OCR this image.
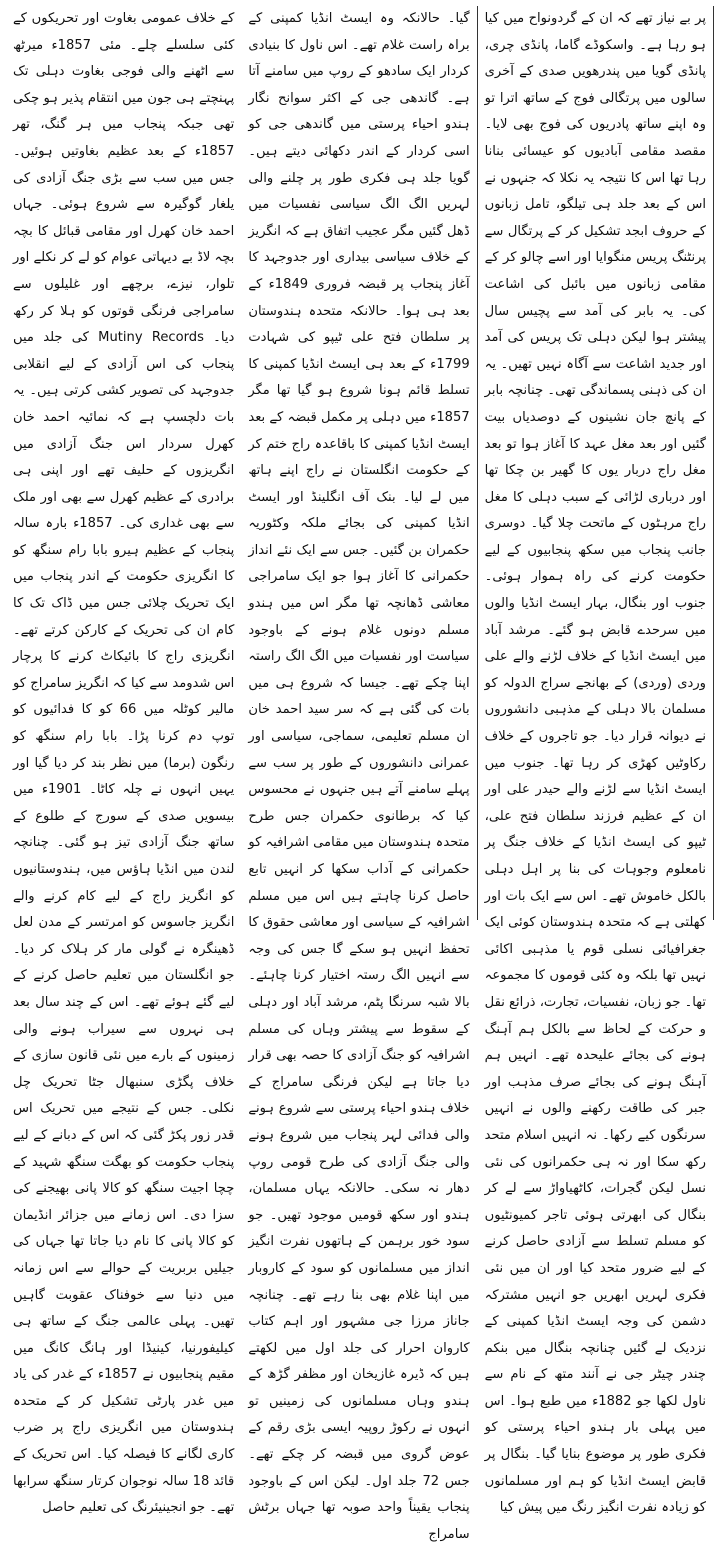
کے خلاف عمومی بغاوت اور تحریکوں کے کئی سلسلے چلے۔ مئی 1857ء میرٹھ سے اٹھنے والی فوجی بغاوت دہلی تک پہنچتے ہی جون میں انتقام پذیر ہو چکی تھی جبکہ پنجاب میں ہر گنگ، تھر 1857ء کے بعد عظیم بغاوتیں ہوئیں۔ جس میں سب سے بڑی جنگ آزادی کی یلغار گوگیرہ سے شروع ہوئی۔ جہاں احمد خان کھرل اور مقامی قبائل کا بچہ بچہ لاڈ بے دیہاتی عوام کو لے کر نکلے اور تلوار، نیزے، برچھے اور غلیلوں سے سامراجی فرنگی قوتوں کو ہلا کر رکھ دیا۔ Mutiny Records کی جلد میں پنجاب کی اس آزادی کے لیے انقلابی جدوجہد کی تصویر کشی کرتی ہیں۔ یہ بات دلچسپ ہے کہ نمائیہ احمد خان کھرل سردار اس جنگ آزادی میں انگریزوں کے حلیف تھے اور اپنی ہی برادری کے عظیم کھرل سے بھی اور ملک سے بھی غداری کی۔ 1857ء بارہ سالہ پنجاب کے عظیم ہیرو بابا رام سنگھ کو کا انگریزی حکومت کے اندر پنجاب میں ایک تحریک چلائی جس میں ڈاک تک کا کام ان کی تحریک کے کارکن کرتے تھے۔ انگریزی راج کا بائیکاٹ کرنے کا پرچار اس شدومد سے کیا کہ انگریز سامراج کو مالیر کوٹلہ میں 66 کو کا فدائیوں کو توپ دم کرنا پڑا۔ بابا رام سنگھ کو رنگون (برما) میں نظر بند کر دیا گیا اور یہیں انہوں نے چلہ کاٹا۔ 1901ء میں بیسویں صدی کے سورج کے طلوع کے ساتھ جنگ آزادی تیز ہو گئی۔ چنانچہ لندن میں انڈیا ہاؤس میں، ہندوستانیوں کو انگریز راج کے لیے کام کرنے والے انگریز جاسوس کو امرتسر کے مدن لعل ڈھینگرہ نے گولی مار کر ہلاک کر دیا۔ جو انگلستان میں تعلیم حاصل کرنے کے لیے گئے ہوئے تھے۔ اس کے چند سال بعد ہی نہروں سے سیراب ہونے والی زمینوں کے بارے میں نئی قانون سازی کے خلاف پگڑی سنبھال جٹا تحریک چل نکلی۔ جس کے نتیجے میں تحریک اس قدر زور پکڑ گئی کہ اس کے دبانے کے لیے پنجاب حکومت کو بھگت سنگھ شہید کے چچا اجیت سنگھ کو کالا پانی بھیجنے کی سزا دی۔ اس زمانے میں جزائر انڈیمان کو کالا پانی کا نام دیا جاتا تھا جہاں کی جیلیں بربریت کے حوالے سے اس زمانہ میں دنیا سے خوفناک عقوبت گاہیں تھیں۔ پہلی عالمی جنگ کے ساتھ ہی کیلیفورنیا، کینیڈا اور ہانگ کانگ میں مقیم پنجابیوں نے 1857ء کے غدر کی یاد میں غدر پارٹی تشکیل کر کے متحدہ ہندوستان میں انگریزی راج پر ضرب کاری لگانے کا فیصلہ کیا۔ اس تحریک کے قائد 18 سالہ نوجوان کرتار سنگھ سرابھا تھے۔ جو انجینیئرنگ کی تعلیم حاصل

گیا۔ حالانکہ وہ ایسٹ انڈیا کمپنی کے براہ راست غلام تھے۔ اس ناول کا بنیادی کردار ایک سادھو کے روپ میں سامنے آتا ہے۔ گاندھی جی کے اکثر سوانح نگار ہندو احیاء پرستی میں گاندھی جی کو اسی کردار کے اندر دکھائی دیتے ہیں۔ گویا جلد ہی فکری طور پر چلنے والی لہریں الگ الگ سیاسی نفسیات میں ڈھل گئیں مگر عجیب اتفاق ہے کہ انگریز کے خلاف سیاسی بیداری اور جدوجہد کا آغاز پنجاب پر قبضہ فروری 1849ء کے بعد ہی ہوا۔ حالانکہ متحدہ ہندوستان پر سلطان فتح علی ٹیپو کی شہادت 1799ء کے بعد ہی ایسٹ انڈیا کمپنی کا تسلط قائم ہونا شروع ہو گیا تھا مگر 1857ء میں دہلی پر مکمل قبضہ کے بعد ایسٹ انڈیا کمپنی کا باقاعدہ راج ختم کر کے حکومت انگلستان نے راج اپنے ہاتھ میں لے لیا۔ بنک آف انگلینڈ اور ایسٹ انڈیا کمپنی کی بجائے ملکہ وکٹوریہ حکمران بن گئیں۔ جس سے ایک نئے انداز حکمرانی کا آغاز ہوا جو ایک سامراجی معاشی ڈھانچہ تھا مگر اس میں ہندو مسلم دونوں غلام ہونے کے باوجود سیاست اور نفسیات میں الگ الگ راستہ اپنا چکے تھے۔ جیسا کہ شروع ہی میں بات کی گئی ہے کہ سر سید احمد خان ان مسلم تعلیمی، سماجی، سیاسی اور عمرانی دانشوروں کے طور پر سب سے پہلے سامنے آتے ہیں جنہوں نے محسوس کیا کہ برطانوی حکمران جس طرح متحدہ ہندوستان میں مقامی اشرافیہ کو حکمرانی کے آداب سکھا کر انہیں تابع حاصل کرنا چاہتے ہیں اس میں مسلم اشرافیہ کے سیاسی اور معاشی حقوق کا تحفظ انہیں ہو سکے گا جس کی وجہ سے انہیں الگ رستہ اختیار کرنا چاہئے۔ بالا شبہ سرنگا پٹم، مرشد آباد اور دہلی کے سقوط سے پیشتر وہاں کی مسلم اشرافیہ کو جنگ آزادی کا حصہ بھی قرار دیا جاتا ہے لیکن فرنگی سامراج کے خلاف ہندو احیاء پرستی سے شروع ہونے والی فدائی لہر پنجاب میں شروع ہونے والی جنگ آزادی کی طرح قومی روپ دھار نہ سکی۔ حالانکہ یہاں مسلمان، ہندو اور سکھ قومیں موجود تھیں۔ جو سود خور برہمن کے ہاتھوں نفرت انگیز انداز میں مسلمانوں کو سود کے کاروبار میں اپنا غلام بھی بنا رہے تھے۔ چنانچہ جاناز مرزا جی مشہور اور اہم کتاب کاروان احرار کی جلد اول میں لکھتے ہیں کہ ڈیرہ غازیخان اور مظفر گڑھ کے ہندو وہاں مسلمانوں کی زمینیں تو انہوں نے رکوڑ روپیہ ایسی بڑی رقم کے عوض گروی میں قبضہ کر چکے تھے۔ جس 72 جلد اول۔ لیکن اس کے باوجود پنجاب یقیناً واحد صوبہ تھا جہاں برٹش سامراج

پر بے نیاز تھے کہ ان کے گردونواح میں کیا ہو رہا ہے۔ واسکوڈے گاما، پانڈی چری، پانڈی گویا میں پندرھویں صدی کے آخری سالوں میں پرتگالی فوج کے ساتھ اترا تو وہ اپنے ساتھ پادریوں کی فوج بھی لایا۔ مقصد مقامی آبادیوں کو عیسائی بنانا رہا تھا اس کا نتیجہ یہ نکلا کہ جنہوں نے اس کے بعد جلد ہی تیلگو، تامل زبانوں کے حروف ابجد تشکیل کر کے پرتگال سے پرنٹنگ پریس منگوایا اور اسے چالو کر کے مقامی زبانوں میں بائبل کی اشاعت کی۔ یہ بابر کی آمد سے پچیس سال پیشتر ہوا لیکن دہلی تک پریس کی آمد اور جدید اشاعت سے آگاہ نہیں تھیں۔ یہ ان کی ذہنی پسماندگی تھی۔ چنانچہ بابر کے پانچ جان نشینوں کے دوصدیاں بیت گئیں اور بعد مغل عہد کا آغاز ہوا تو بعد مغل راج دربار یوں کا گھیر بن چکا تھا اور درباری لڑائی کے سبب دہلی کا مغل راج مرہٹوں کے ماتحت چلا گیا۔ دوسری جانب پنجاب میں سکھ پنجابیوں کے لیے حکومت کرنے کی راہ ہموار ہوئی۔ جنوب اور بنگال، بہار ایسٹ انڈیا والوں میں سرحدے قابض ہو گئے۔ مرشد آباد میں ایسٹ انڈیا کے خلاف لڑنے والے علی وردی (وردی) کے بھانجے سراج الدولہ کو مسلمان بالا دہلی کے مذہبی دانشوروں نے دیوانہ قرار دیا۔ جو تاجروں کے خلاف رکاوٹیں کھڑی کر رہا تھا۔ جنوب میں ایسٹ انڈیا سے لڑنے والے حیدر علی اور ان کے عظیم فرزند سلطان فتح علی، ٹیپو کی ایسٹ انڈیا کے خلاف جنگ پر نامعلوم وجوہات کی بنا پر اہل دہلی بالکل خاموش تھے۔ اس سے ایک بات اور کھلتی ہے کہ متحدہ ہندوستان کوئی ایک جغرافیائی نسلی قوم یا مذہبی اکائی نہیں تھا بلکہ وہ کئی قوموں کا مجموعہ تھا۔ جو زبان، نفسیات، تجارت، ذرائع نقل و حرکت کے لحاظ سے بالکل ہم آہنگ ہونے کی بجائے علیحدہ تھے۔ انہیں ہم آہنگ ہونے کی بجائے صرف مذہب اور جبر کی طاقت رکھنے والوں نے انہیں سرنگوں کیے رکھا۔ نہ انہیں اسلام متحد رکھ سکا اور نہ ہی حکمرانوں کی نئی نسل لیکن گجرات، کاٹھیاواڑ سے لے کر بنگال کی ابھرتی ہوئی تاجر کمیونٹیوں کو مسلم تسلط سے آزادی حاصل کرنے کے لیے ضرور متحد کیا اور ان میں نئی فکری لہریں ابھریں جو انہیں مشترکہ دشمن کی وجہ ایسٹ انڈیا کمپنی کے نزدیک لے گئیں چنانچہ بنگال میں بنکم چندر چیٹر جی نے آنند متھ کے نام سے ناول لکھا جو 1882ء میں طبع ہوا۔ اس میں پہلی بار ہندو احیاء پرستی کو فکری طور پر موضوع بنایا گیا۔ بنگال پر قابض ایسٹ انڈیا کو ہم اور مسلمانوں کو زیادہ نفرت انگیز رنگ میں پیش کیا
